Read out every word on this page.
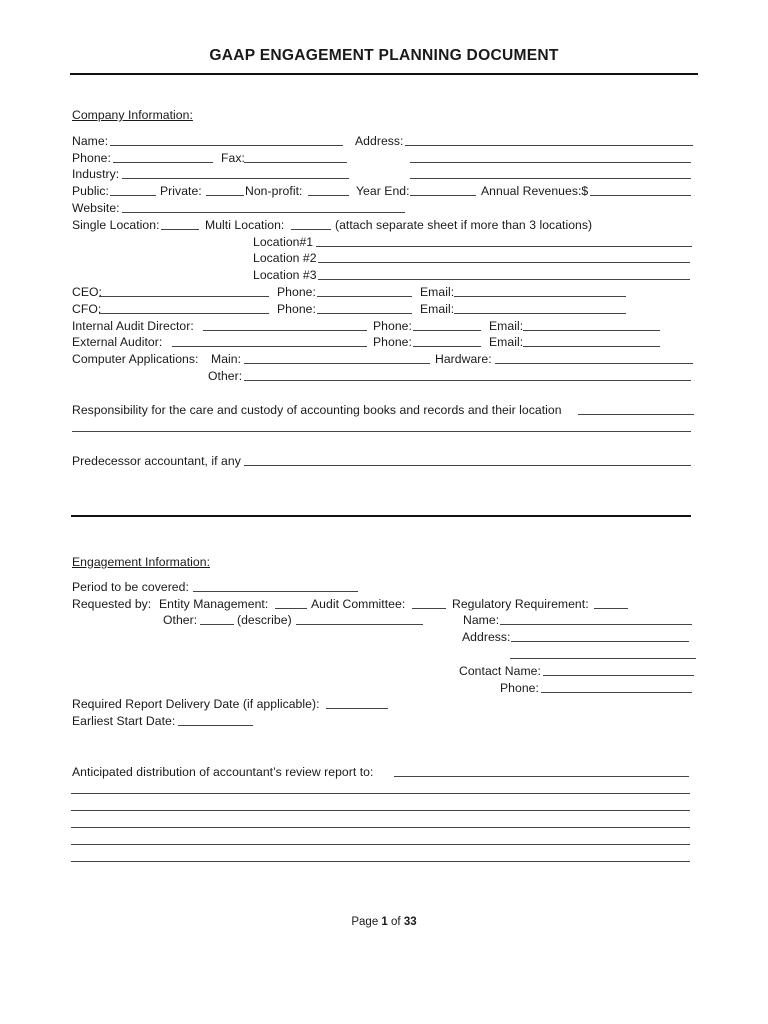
GAAP ENGAGEMENT PLANNING DOCUMENT
Company Information:
Name:	Address:
Phone:	Fax:
Industry:
Public:	Private:	Non-profit:	Year End:	Annual Revenues:$
Website:
Single Location:	Multi Location:	(attach separate sheet if more than 3 locations)
Location#1
Location #2
Location #3
CEO:	Phone:	Email:
CFO:	Phone:	Email:
Internal Audit Director:	Phone:	Email:
External Auditor:	Phone:	Email:
Computer Applications: Main:	Hardware:
Other:
Responsibility for the care and custody of accounting books and records and their location
Predecessor accountant, if any
Engagement Information:
Period to be covered:
Requested by: Entity Management:	Audit Committee:	Regulatory Requirement:
Other:	(describe)	Name:
Address:
Contact Name:
Phone:
Required Report Delivery Date (if applicable):
Earliest Start Date:
Anticipated distribution of accountant’s review report to:
Page 1 of 33
